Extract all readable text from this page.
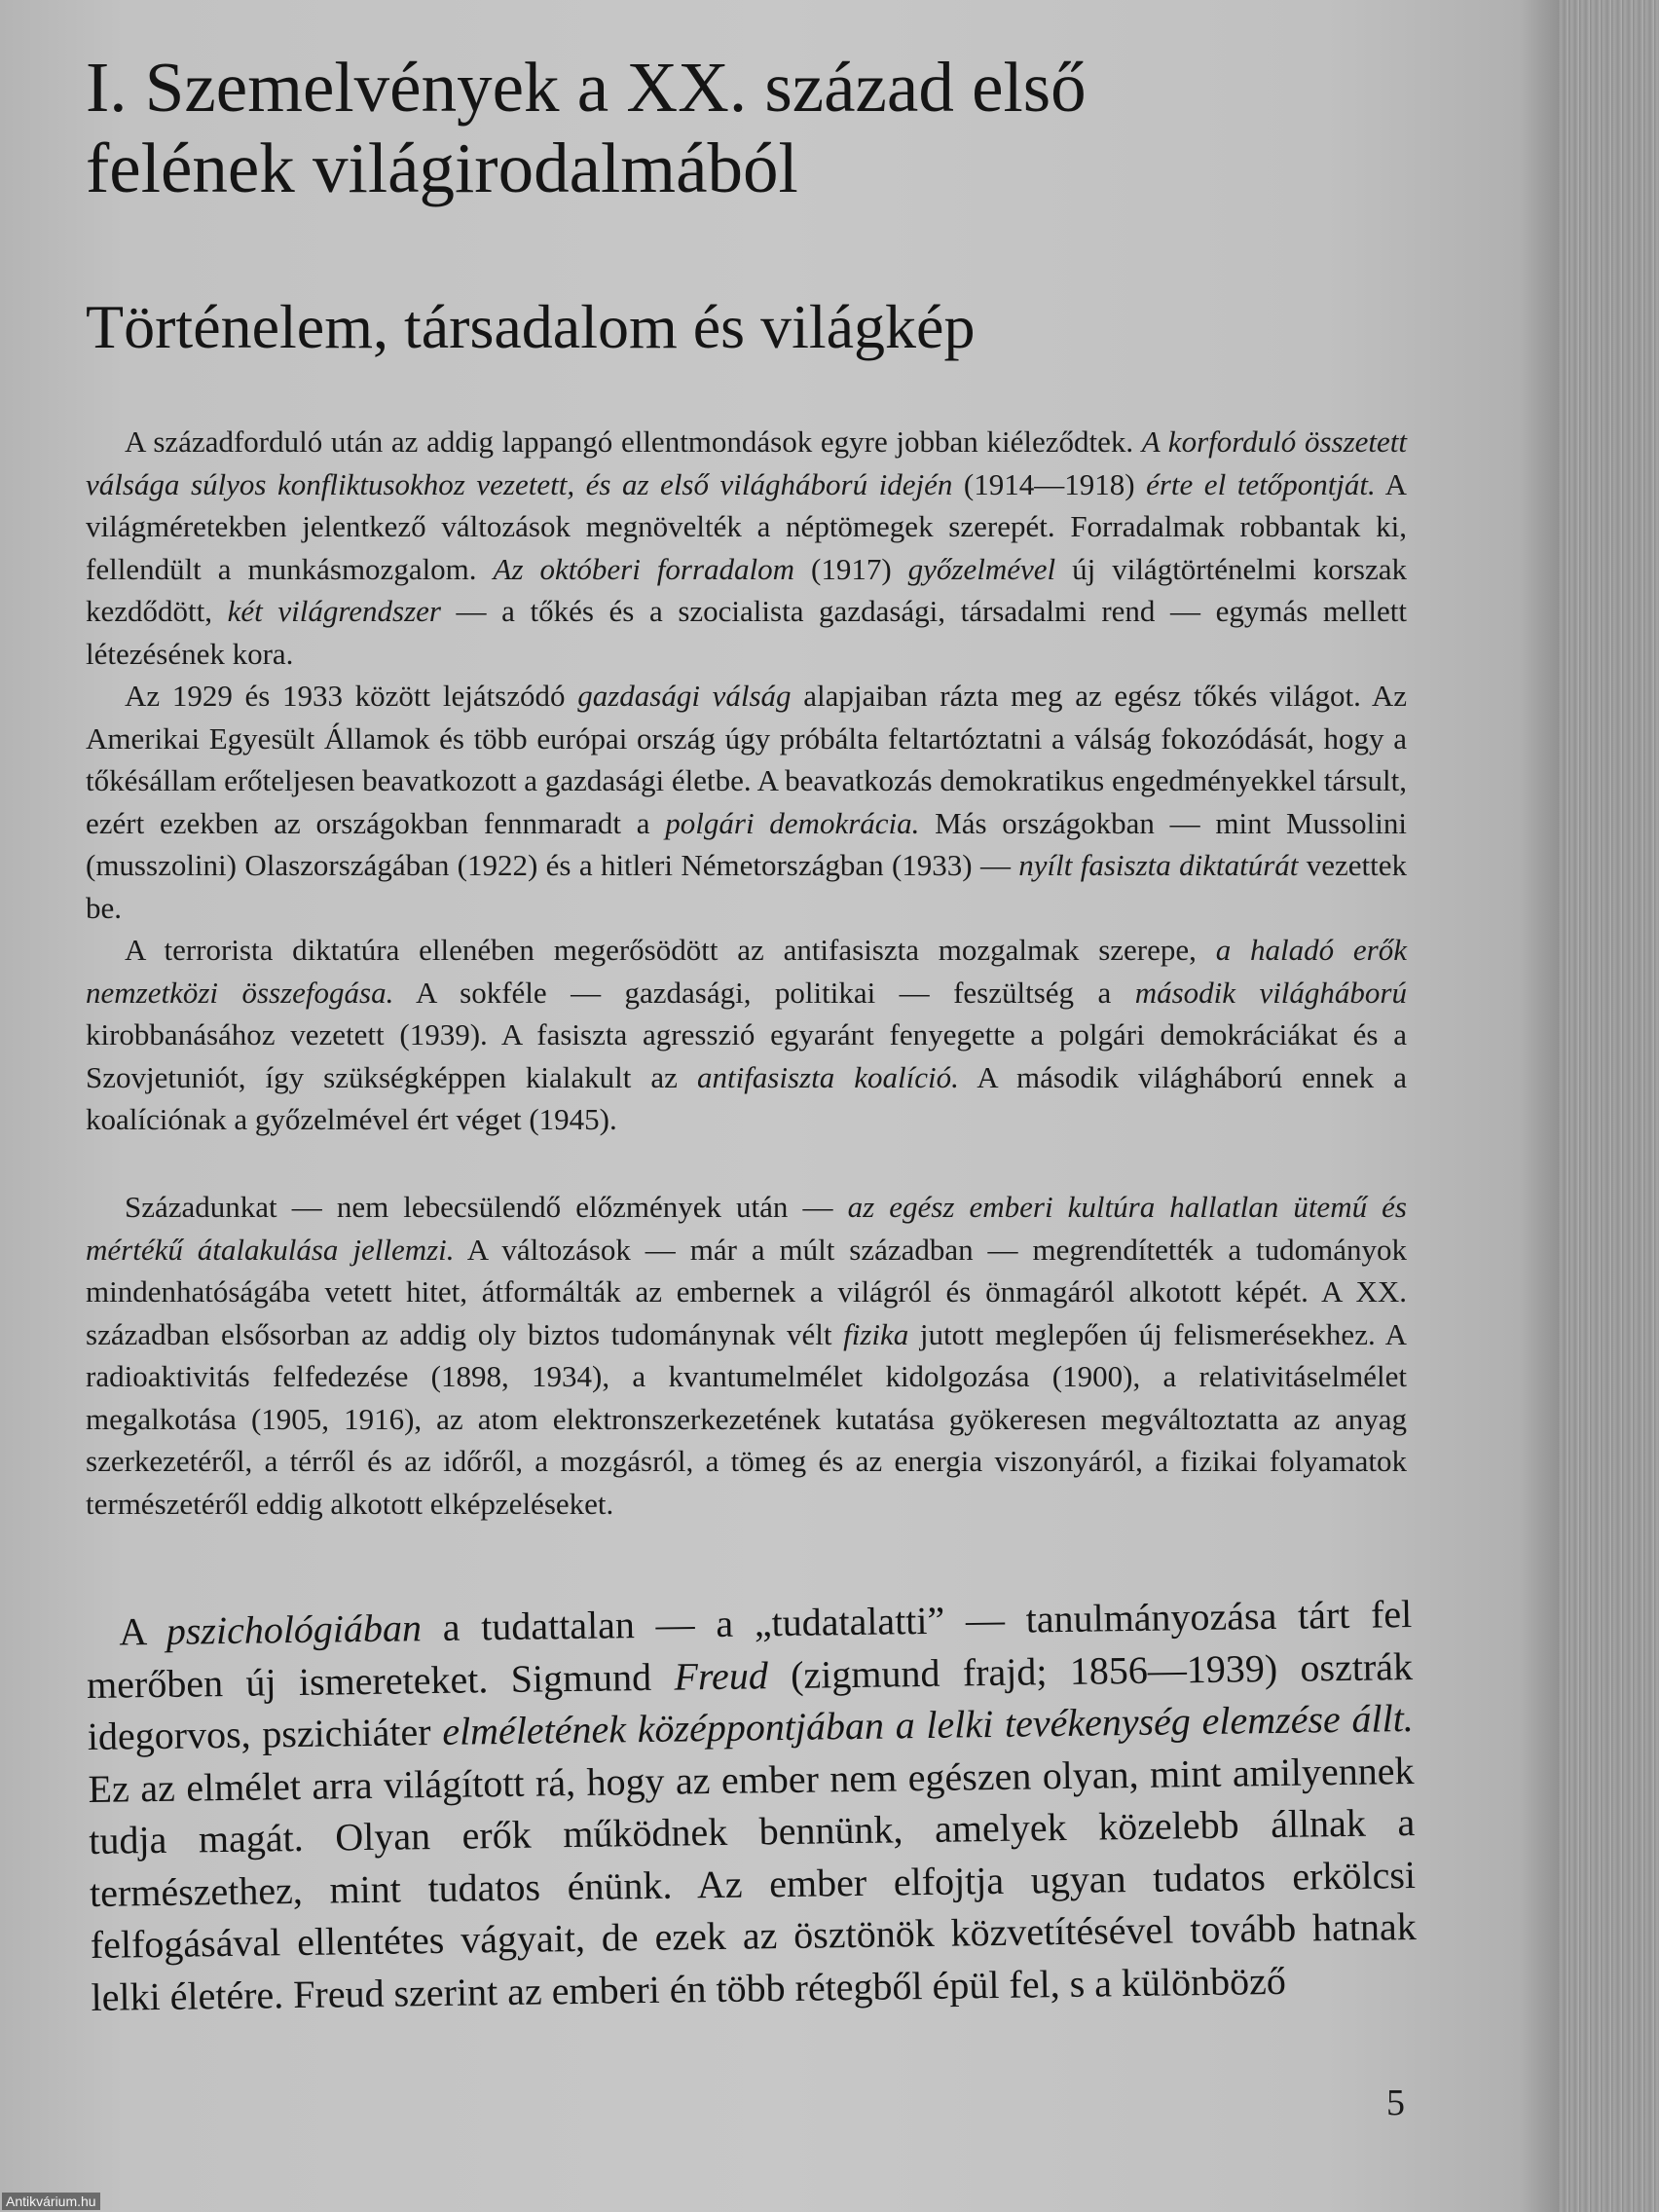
I. Szemelvények a XX. század első
felének világirodalmából
Történelem, társadalom és világkép

A századforduló után az addig lappangó ellentmondások egyre jobban kiéleződtek. A korforduló összetett válsága súlyos konfliktusokhoz vezetett, és az első világháború idején (1914—1918) érte el tetőpontját. A világméretekben jelentkező változások megnövelték a néptömegek szerepét. Forradalmak robbantak ki, fellendült a munkásmozgalom. Az októberi forradalom (1917) győzelmével új világtörténelmi korszak kezdődött, két világrendszer — a tőkés és a szocialista gazdasági, társadalmi rend — egymás mellett létezésének kora.
Az 1929 és 1933 között lejátszódó gazdasági válság alapjaiban rázta meg az egész tőkés világot. Az Amerikai Egyesült Államok és több európai ország úgy próbálta feltartóztatni a válság fokozódását, hogy a tőkésállam erőteljesen beavatkozott a gazdasági életbe. A beavatkozás demokratikus engedményekkel társult, ezért ezekben az országokban fennmaradt a polgári demokrácia. Más országokban — mint Mussolini (musszolini) Olaszországában (1922) és a hitleri Németországban (1933) — nyílt fasiszta diktatúrát vezettek be.
A terrorista diktatúra ellenében megerősödött az antifasiszta mozgalmak szerepe, a haladó erők nemzetközi összefogása. A sokféle — gazdasági, politikai — feszültség a második világháború kirobbanásához vezetett (1939). A fasiszta agresszió egyaránt fenyegette a polgári demokráciákat és a Szovjetuniót, így szükségképpen kialakult az antifasiszta koalíció. A második világháború ennek a koalíciónak a győzelmével ért véget (1945).

Századunkat — nem lebecsülendő előzmények után — az egész emberi kultúra hallatlan ütemű és mértékű átalakulása jellemzi. A változások — már a múlt században — megrendítették a tudományok mindenhatóságába vetett hitet, átformálták az embernek a világról és önmagáról alkotott képét. A XX. században elsősorban az addig oly biztos tudománynak vélt fizika jutott meglepően új felismerésekhez. A radioaktivitás felfedezése (1898, 1934), a kvantumelmélet kidolgozása (1900), a relativitáselmélet megalkotása (1905, 1916), az atom elektronszerkezetének kutatása gyökeresen megváltoztatta az anyag szerkezetéről, a térről és az időről, a mozgásról, a tömeg és az energia viszonyáról, a fizikai folyamatok természetéről eddig alkotott elképzeléseket.

A pszichológiában a tudattalan — a „tudatalatti” — tanulmányozása tárt fel merőben új ismereteket. Sigmund Freud (zigmund frajd; 1856—1939) osztrák idegorvos, pszichiáter elméletének középpontjában a lelki tevékenység elemzése állt. Ez az elmélet arra világított rá, hogy az ember nem egészen olyan, mint amilyennek tudja magát. Olyan erők működnek bennünk, amelyek közelebb állnak a természethez, mint tudatos énünk. Az ember elfojtja ugyan tudatos erkölcsi felfogásával ellentétes vágyait, de ezek az ösztönök közvetítésével tovább hatnak lelki életére. Freud szerint az emberi én több rétegből épül fel, s a különböző

5
Antikvárium.hu
